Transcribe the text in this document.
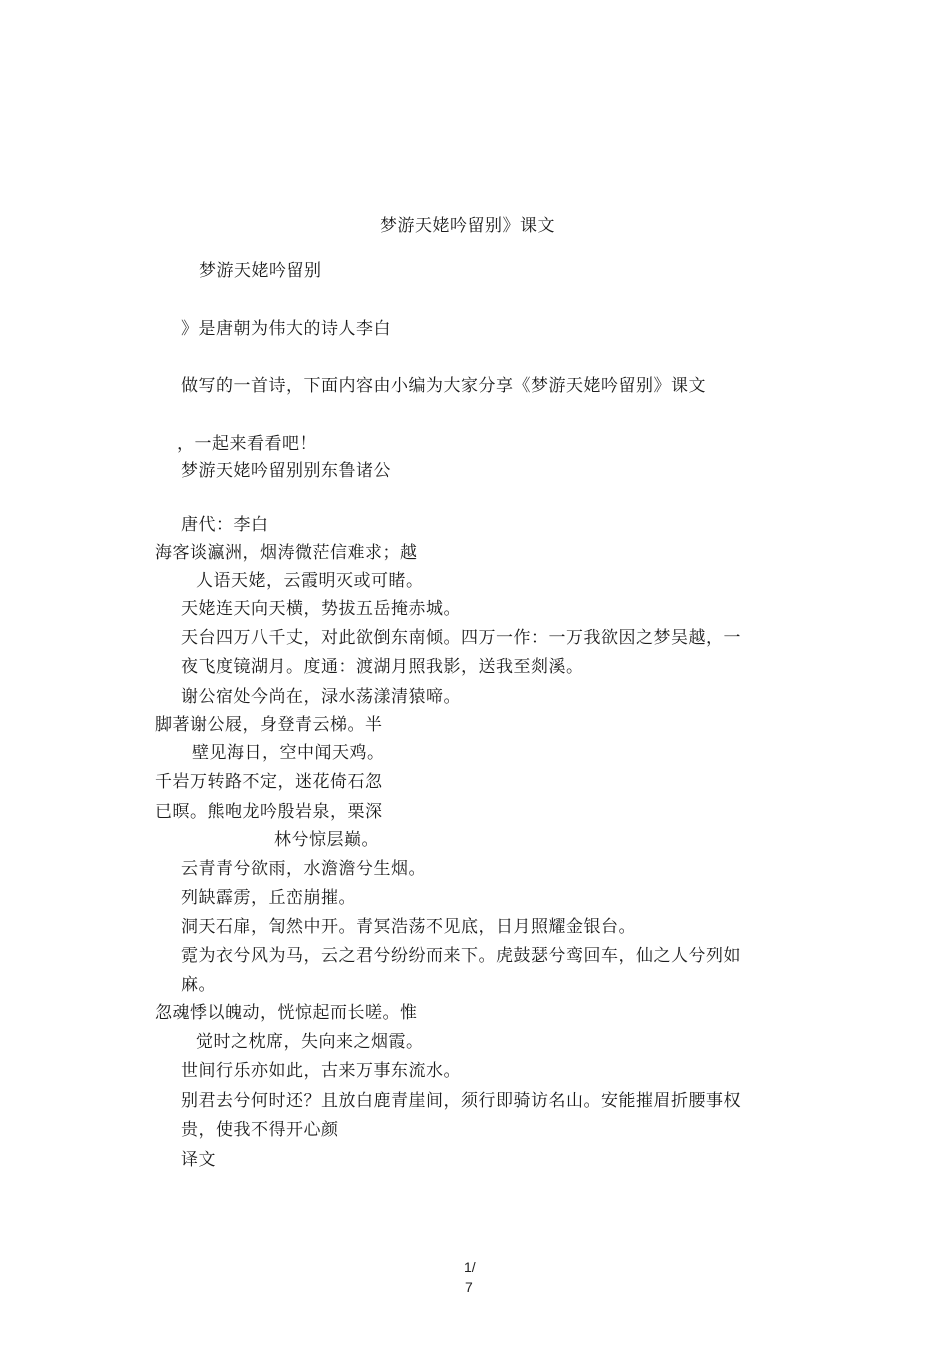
梦游天姥吟留别》课文
梦游天姥吟留别
》是唐朝为伟大的诗人李白
做写的一首诗，下面内容由小编为大家分享《梦游天姥吟留别》课文
，一起来看看吧！
梦游天姥吟留别别东鲁诸公
唐代：李白
海客谈瀛洲，烟涛微茫信难求；越
人语天姥，云霞明灭或可睹。
天姥连天向天横，势拔五岳掩赤城。
天台四万八千丈，对此欲倒东南倾。四万一作：一万我欲因之梦吴越，一
夜飞度镜湖月。度通：渡湖月照我影，送我至剡溪。
谢公宿处今尚在，渌水荡漾清猿啼。
脚著谢公屐，身登青云梯。半
壁见海日，空中闻天鸡。
千岩万转路不定，迷花倚石忽
已暝。熊咆龙吟殷岩泉，栗深
林兮惊层巅。
云青青兮欲雨，水澹澹兮生烟。
列缺霹雳，丘峦崩摧。
洞天石扉，訇然中开。青冥浩荡不见底，日月照耀金银台。
霓为衣兮风为马，云之君兮纷纷而来下。虎鼓瑟兮鸾回车，仙之人兮列如
麻。
忽魂悸以魄动，恍惊起而长嗟。惟
觉时之枕席，失向来之烟霞。
世间行乐亦如此，古来万事东流水。
别君去兮何时还？且放白鹿青崖间，须行即骑访名山。安能摧眉折腰事权
贵，使我不得开心颜
译文
1/
7
